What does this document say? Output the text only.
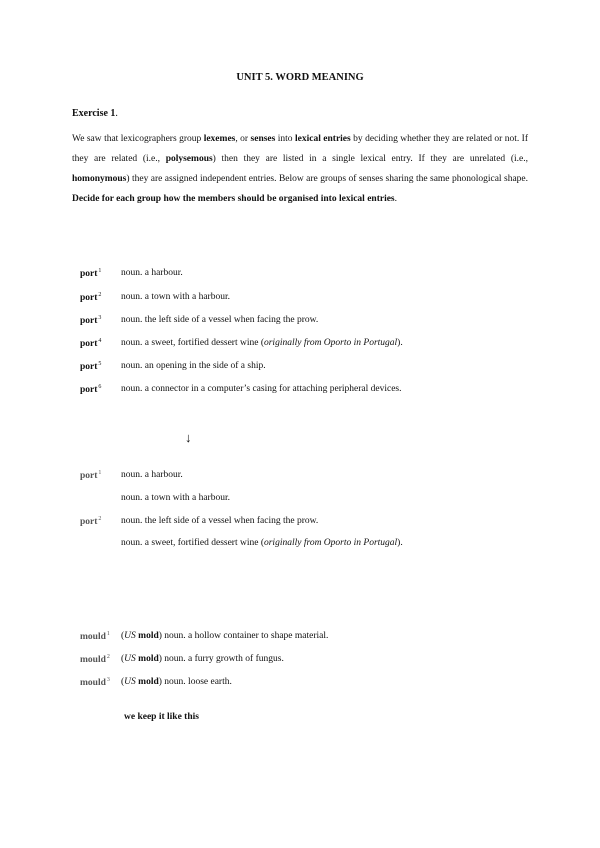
UNIT 5. WORD MEANING
Exercise 1.
We saw that lexicographers group lexemes, or senses into lexical entries by deciding whether they are related or not. If they are related (i.e., polysemous) then they are listed in a single lexical entry. If they are unrelated (i.e., homonymous) they are assigned independent entries. Below are groups of senses sharing the same phonological shape. Decide for each group how the members should be organised into lexical entries.
port$^1$ noun. a harbour.
port$^2$ noun. a town with a harbour.
port$^3$ noun. the left side of a vessel when facing the prow.
port$^4$ noun. a sweet, fortified dessert wine (originally from Oporto in Portugal).
port$^5$ noun. an opening in the side of a ship.
port$^6$ noun. a connector in a computer’s casing for attaching peripheral devices.
↓
port$^1$ noun. a harbour.
noun. a town with a harbour.
port$^2$ noun. the left side of a vessel when facing the prow.
noun. a sweet, fortified dessert wine (originally from Oporto in Portugal).
mould$^1$ (US mold) noun. a hollow container to shape material.
mould$^2$ (US mold) noun. a furry growth of fungus.
mould$^3$ (US mold) noun. loose earth.
we keep it like this
